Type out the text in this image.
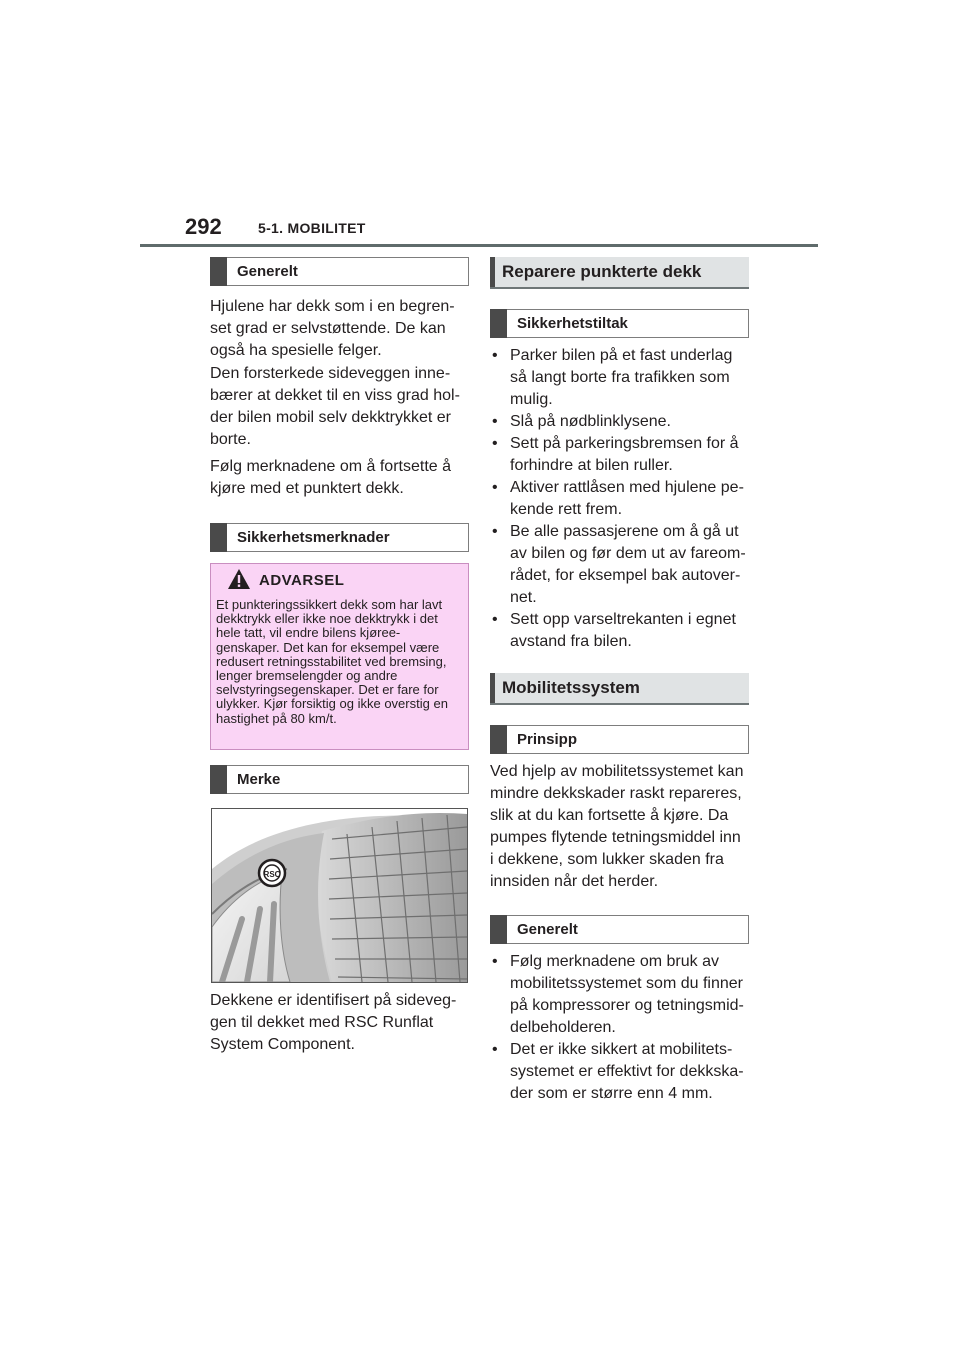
292	5-1. MOBILITET
Generelt

Hjulene har dekk som i en begren-set grad er selvstøttende. De kan også ha spesielle felger.

Den forsterkede sideveggen inne-bærer at dekket til en viss grad hol-der bilen mobil selv dekktrykket er borte.

Følg merknadene om å fortsette å kjøre med et punktert dekk.

Sikkerhetsmerknader
ADVARSEL
Et punkteringssikkert dekk som har lavt dekktrykk eller ikke noe dekktrykk i det hele tatt, vil endre bilens kjøree-genskaper. Det kan for eksempel være redusert retningsstabilitet ved bremsing, lenger bremselengder og andre selvstyringsegenskaper. Det er fare for ulykker. Kjør forsiktig og ikke overstig en hastighet på 80 km/t.
Merke
RSC

Dekkene er identifisert på sideveg-gen til dekket med RSC Runflat System Component.

Reparere punkterte dekk
Sikkerhetstiltak
• Parker bilen på et fast underlag så langt borte fra trafikken som mulig.
• Slå på nødblinklysene.
• Sett på parkeringsbremsen for å forhindre at bilen ruller.
• Aktiver rattlåsen med hjulene pe-kende rett frem.
• Be alle passasjerene om å gå ut av bilen og før dem ut av fareom-rådet, for eksempel bak autover-net.
• Sett opp varseltrekanten i egnet avstand fra bilen.
Mobilitetssystem
Prinsipp

Ved hjelp av mobilitetssystemet kan mindre dekkskader raskt repareres, slik at du kan fortsette å kjøre. Da pumpes flytende tetningsmiddel inn i dekkene, som lukker skaden fra innsiden når det herder.

Generelt
• Følg merknadene om bruk av mobilitetssystemet som du finner på kompressorer og tetningsmid-delbeholderen.
• Det er ikke sikkert at mobilitets-systemet er effektivt for dekkska-der som er større enn 4 mm.
